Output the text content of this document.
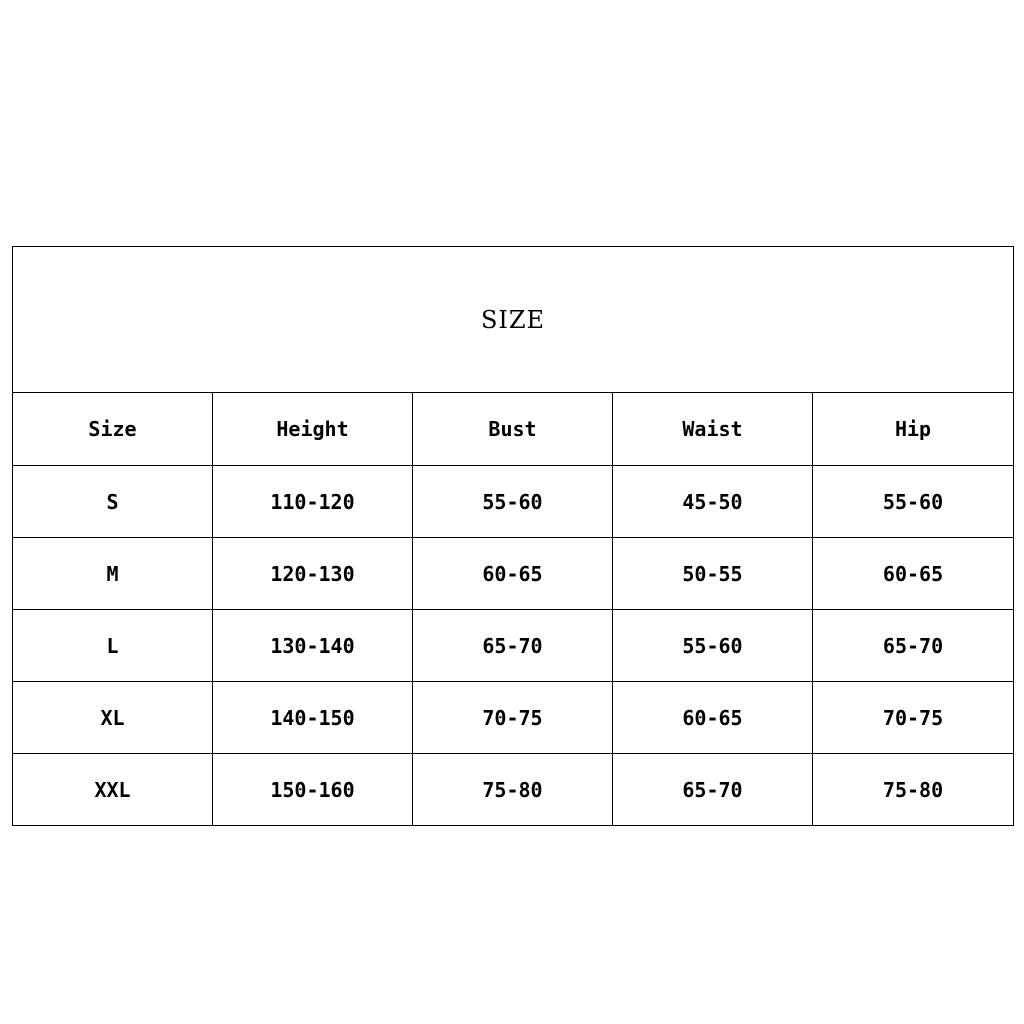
SIZE				
Size	Height	Bust	Waist	Hip
S	110-120	55-60	45-50	55-60
M	120-130	60-65	50-55	60-65
L	130-140	65-70	55-60	65-70
XL	140-150	70-75	60-65	70-75
XXL	150-160	75-80	65-70	75-80
